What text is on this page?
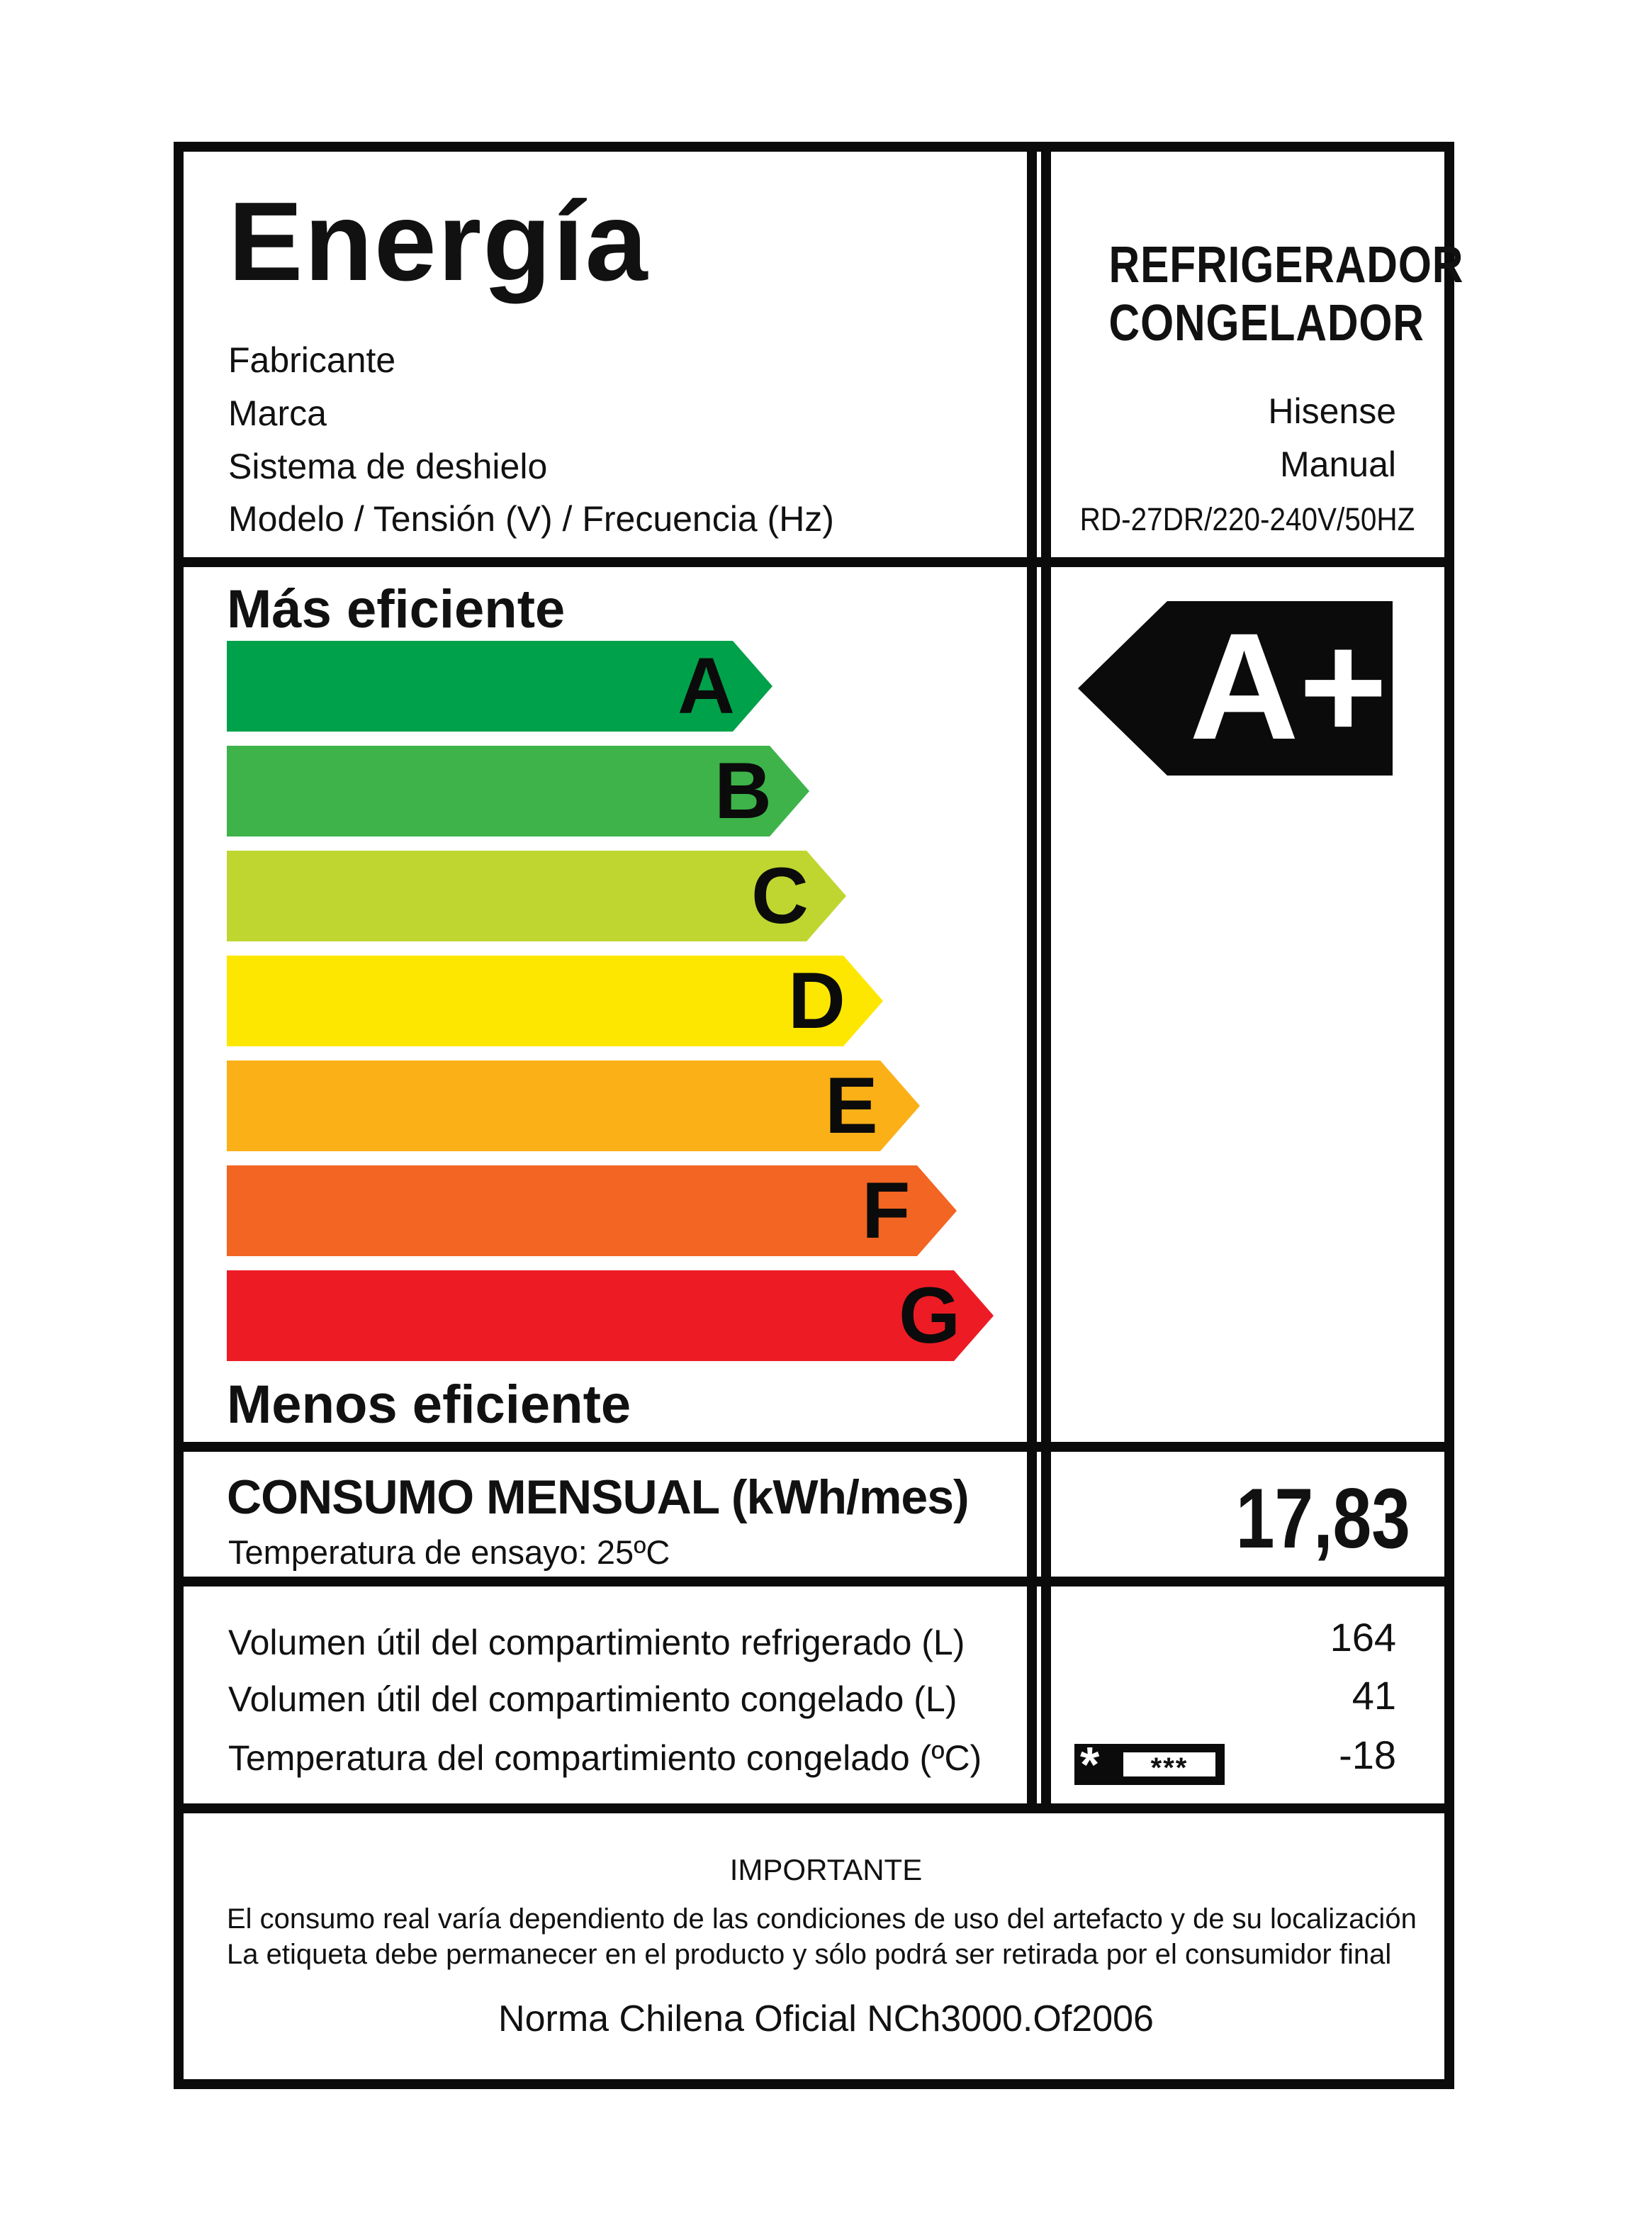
Energía
Fabricante
Marca
Sistema de deshielo
Modelo / Tensión (V) / Frecuencia (Hz)
REFRIGERADOR
CONGELADOR
Hisense
Manual
RD-27DR/220-240V/50HZ
Más eficiente
A
B
C
D
E
F
G
Menos eficiente
A+
CONSUMO MENSUAL (kWh/mes)
Temperatura de ensayo: 25ºC	17,83
Volumen útil del compartimiento refrigerado (L)
Volumen útil del compartimiento congelado (L)
Temperatura del compartimiento congelado (ºC)
164
41
-18
*	***
IMPORTANTE
El consumo real varía dependiento de las condiciones de uso del artefacto y de su localización
La etiqueta debe permanecer en el producto y sólo podrá ser retirada por el consumidor final
Norma Chilena Oficial NCh3000.Of2006
